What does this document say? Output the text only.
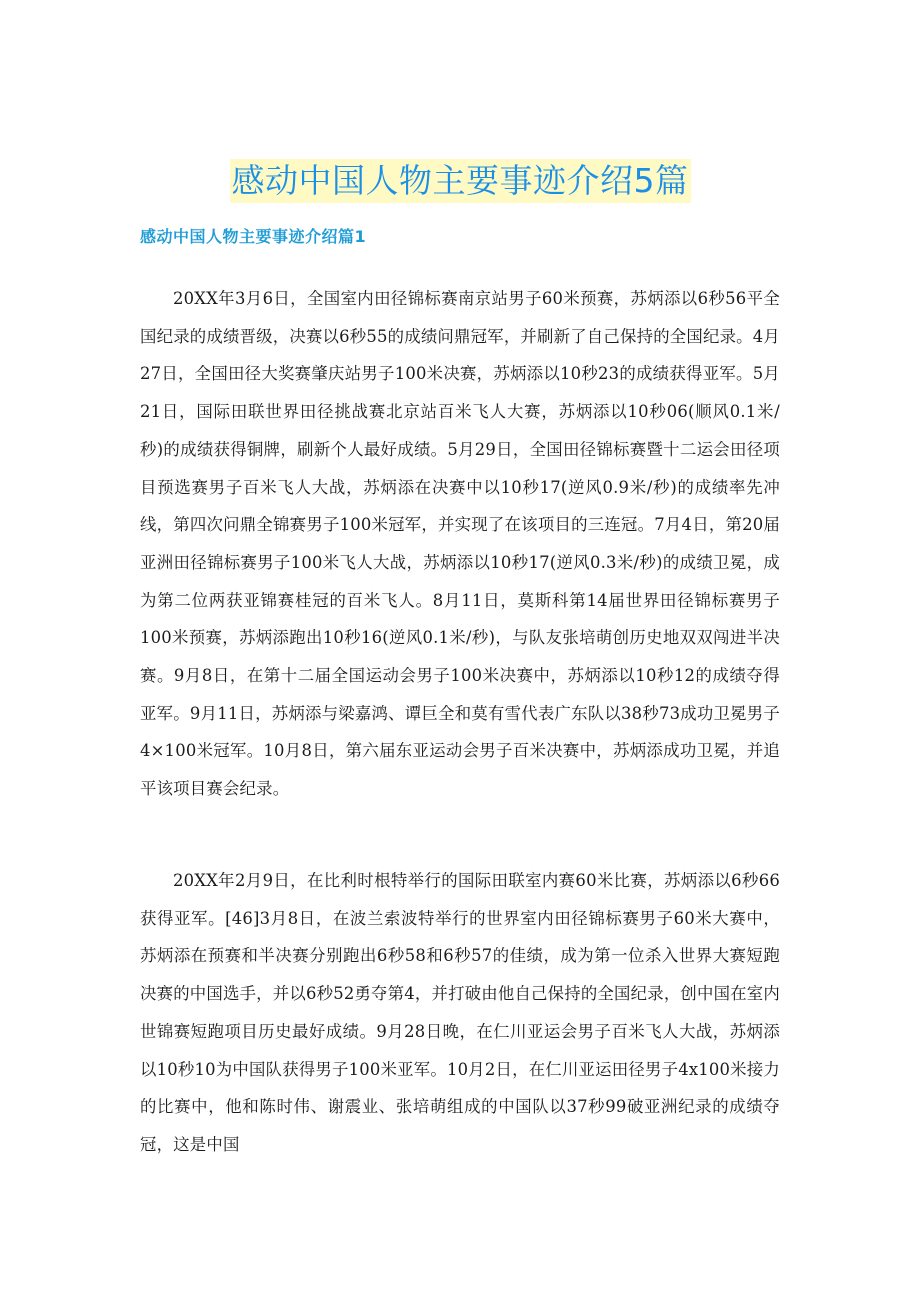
感动中国人物主要事迹介绍5篇
感动中国人物主要事迹介绍篇1

20XX年3月6日，全国室内田径锦标赛南京站男子60米预赛，苏炳添以6秒56平全国纪录的成绩晋级，决赛以6秒55的成绩问鼎冠军，并刷新了自己保持的全国纪录。4月27日，全国田径大奖赛肇庆站男子100米决赛，苏炳添以10秒23的成绩获得亚军。5月21日，国际田联世界田径挑战赛北京站百米飞人大赛，苏炳添以10秒06(顺风0.1米/秒)的成绩获得铜牌，刷新个人最好成绩。5月29日，全国田径锦标赛暨十二运会田径项目预选赛男子百米飞人大战，苏炳添在决赛中以10秒17(逆风0.9米/秒)的成绩率先冲线，第四次问鼎全锦赛男子100米冠军，并实现了在该项目的三连冠。7月4日，第20届亚洲田径锦标赛男子100米飞人大战，苏炳添以10秒17(逆风0.3米/秒)的成绩卫冕，成为第二位两获亚锦赛桂冠的百米飞人。8月11日，莫斯科第14届世界田径锦标赛男子100米预赛，苏炳添跑出10秒16(逆风0.1米/秒)，与队友张培萌创历史地双双闯进半决赛。9月8日，在第十二届全国运动会男子100米决赛中，苏炳添以10秒12的成绩夺得亚军。9月11日，苏炳添与梁嘉鸿、谭巨全和莫有雪代表广东队以38秒73成功卫冕男子4×100米冠军。10月8日，第六届东亚运动会男子百米决赛中，苏炳添成功卫冕，并追平该项目赛会纪录。

20XX年2月9日，在比利时根特举行的国际田联室内赛60米比赛，苏炳添以6秒66获得亚军。[46]3月8日，在波兰索波特举行的世界室内田径锦标赛男子60米大赛中，苏炳添在预赛和半决赛分别跑出6秒58和6秒57的佳绩，成为第一位杀入世界大赛短跑决赛的中国选手，并以6秒52勇夺第4，并打破由他自己保持的全国纪录，创中国在室内世锦赛短跑项目历史最好成绩。9月28日晚，在仁川亚运会男子百米飞人大战，苏炳添以10秒10为中国队获得男子100米亚军。10月2日，在仁川亚运田径男子4x100米接力的比赛中，他和陈时伟、谢震业、张培萌组成的中国队以37秒99破亚洲纪录的成绩夺冠，这是中国
